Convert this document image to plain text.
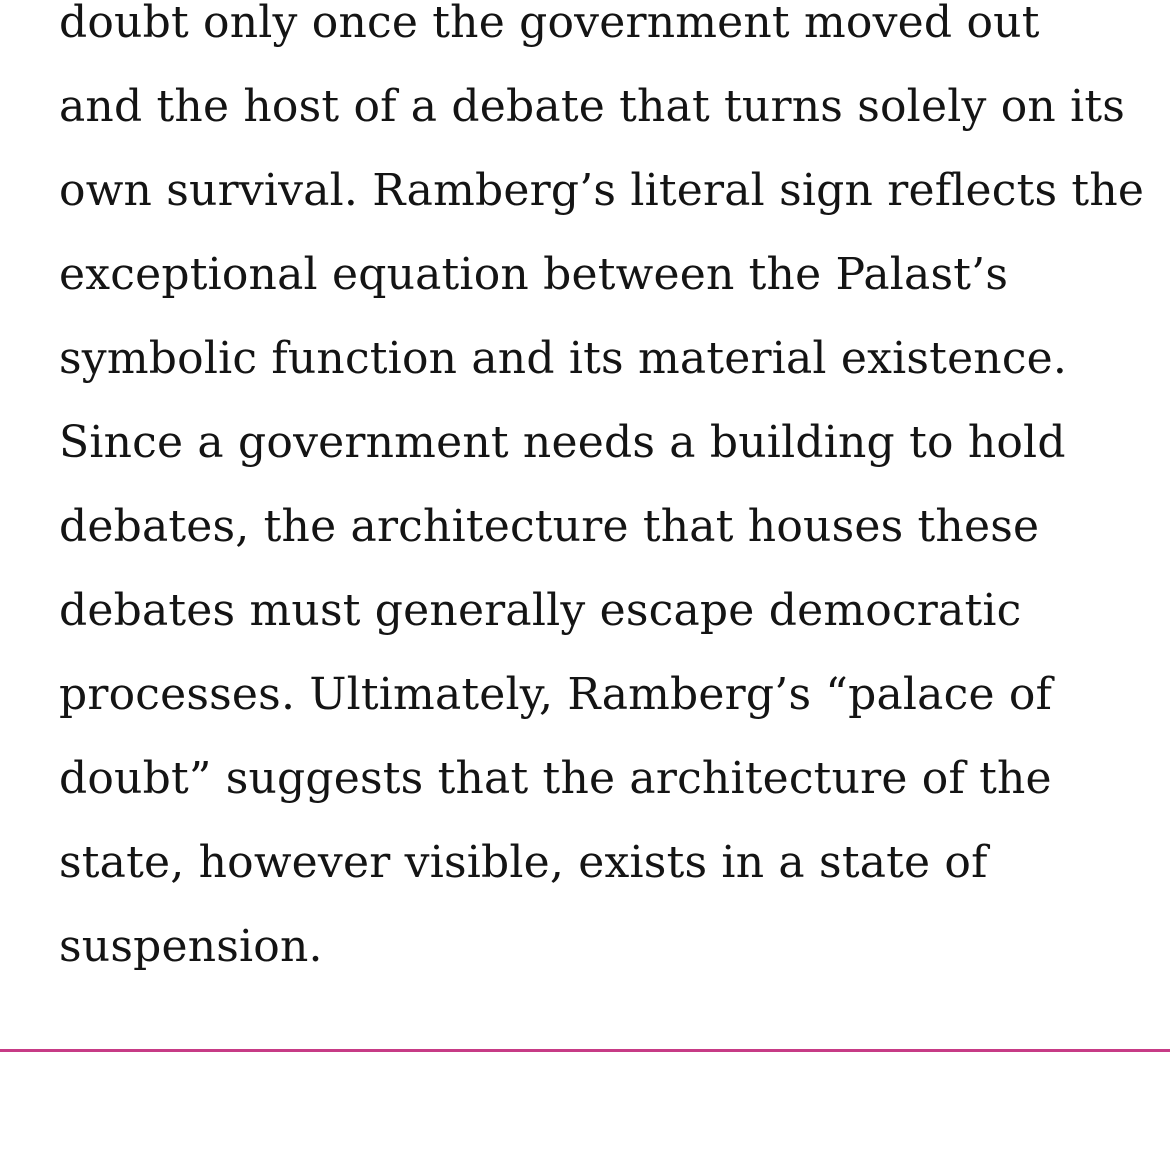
doubt only once the government moved out
and the host of a debate that turns solely on its
own survival. Ramberg’s literal sign reflects the
exceptional equation between the Palast’s
symbolic function and its material existence.
Since a government needs a building to hold
debates, the architecture that houses these
debates must generally escape democratic
processes. Ultimately, Ramberg’s “palace of
doubt” suggests that the architecture of the
state, however visible, exists in a state of
suspension.
